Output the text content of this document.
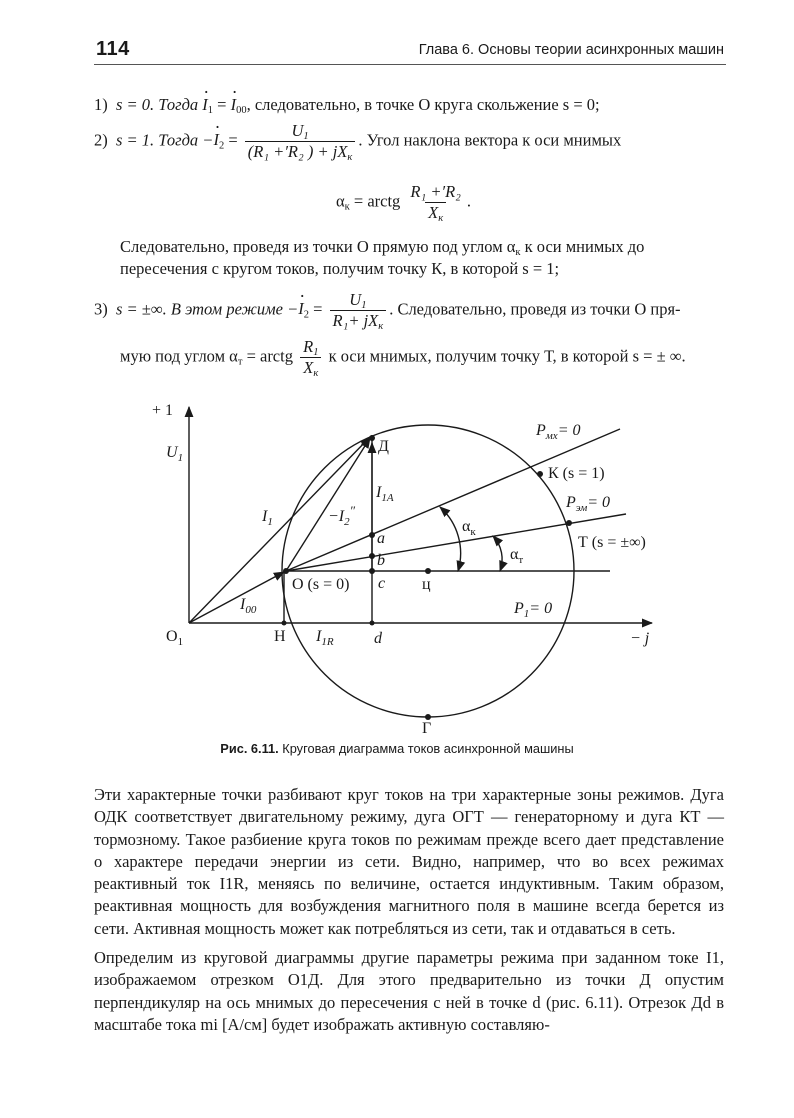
114	Глава 6. Основы теории асинхронных машин
1) s = 0. Тогда · $I_1$ = · $I_{00}$, следовательно, в точке О круга скольжение s = 0;
2) s = 1. Тогда −· $I_2 = \frac{U_1}{(R_1 +'R_2 ) + jX_к}$ . Угол наклона вектора к оси мнимых
$\alpha_к$ = arctg $\frac{\text{R₁ +′R₂}}{X_к}$ .
Следовательно, проведя из точки О прямую под углом $\alpha_к$ к оси мнимых до
пересечения с кругом токов, получим точку К, в которой s = 1;
3) s = ±∞. В этом режиме −· $I_2 = \frac{U_1}{R_1+ jX_к}$ . Следовательно, проведя из точки О пря-
мую под углом $\alpha_т$ = arctg $\frac{R_1}{X_к}$ к оси мнимых, получим точку Т, в которой s = ± ∞.
+ 1
$U_1$
Д
$I_{1A}$
$I_1$	$-I_2''$
a
b
c
О (s = 0)	ц
$I_{00}$
$О_1$	Н $I_{1R}$	d	− j
Г
$P_{мх}= 0$
К (s = 1)
$P_{эм}= 0$
$\alpha_к$
Т (s = ±∞)
$\alpha_т$
$P_1= 0$
Рис. 6.11. Круговая диаграмма токов асинхронной машины
Эти характерные точки разбивают круг токов на три характерные зоны режимов. Дуга ОДК соответствует двигательному режиму, дуга ОГТ — генераторному и дуга КТ — тормозному. Такое разбиение круга токов по режимам прежде всего дает представление о характере передачи энергии из сети. Видно, например, что во всех режимах реактивный ток I1R, меняясь по величине, остается индуктивным. Таким образом, реактивная мощность для возбуждения магнитного поля в машине всегда берется из сети. Активная мощность может как потребляться из сети, так и отдаваться в сеть.
Определим из круговой диаграммы другие параметры режима при заданном токе I1, изображаемом отрезком О1Д. Для этого предварительно из точки Д опустим перпендикуляр на ось мнимых до пересечения с ней в точке d (рис. 6.11). Отрезок Дd в масштабе тока mi [А/см] будет изображать активную составляю-
